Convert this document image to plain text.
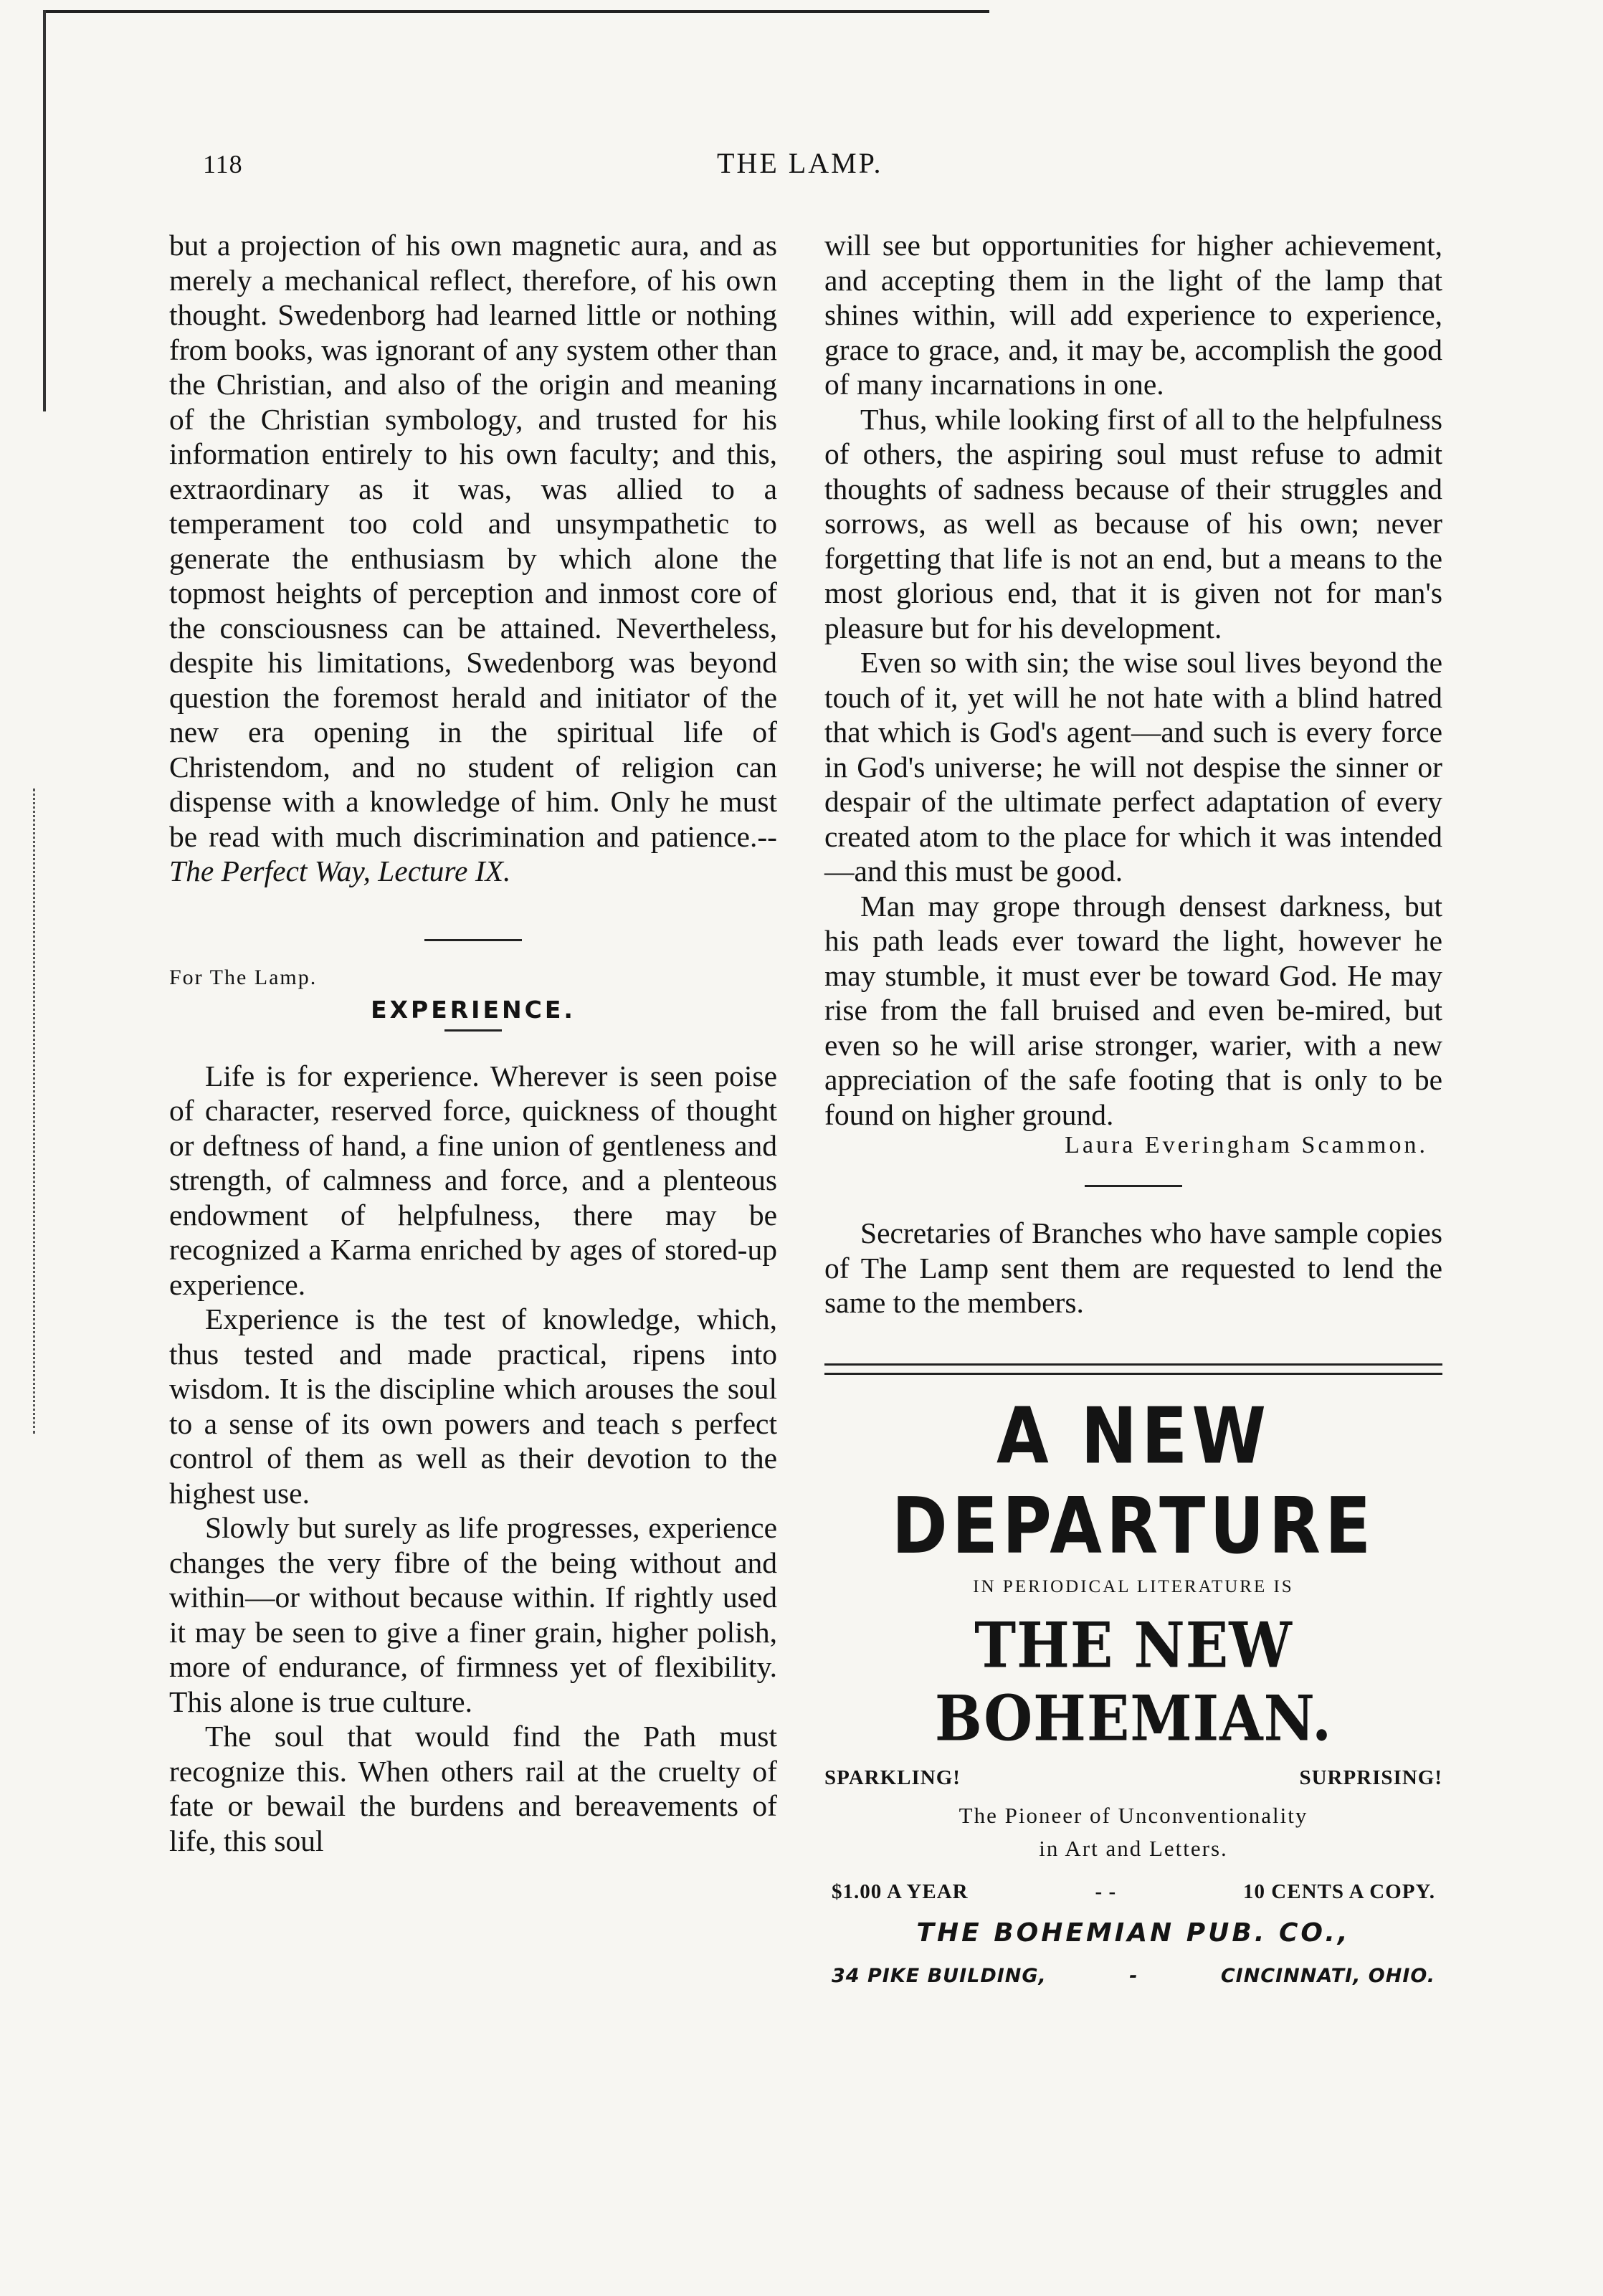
118	THE LAMP.

but a projection of his own magnetic aura, and as merely a mechanical reflect, therefore, of his own thought. Swedenborg had learned little or nothing from books, was ignorant of any system other than the Christian, and also of the origin and meaning of the Christian symbology, and trusted for his information entirely to his own faculty; and this, extraordinary as it was, was allied to a temperament too cold and unsympathetic to generate the enthusiasm by which alone the topmost heights of perception and inmost core of the consciousness can be attained. Nevertheless, despite his limitations, Swedenborg was beyond question the foremost herald and initiator of the new era opening in the spiritual life of Christendom, and no student of religion can dispense with a knowledge of him. Only he must be read with much discrimination and patience.--The Perfect Way, Lecture IX.

For The Lamp.

EXPERIENCE.

Life is for experience. Wherever is seen poise of character, reserved force, quickness of thought or deftness of hand, a fine union of gentleness and strength, of calmness and force, and a plenteous endowment of helpfulness, there may be recognized a Karma enriched by ages of stored-up experience.

Experience is the test of knowledge, which, thus tested and made practical, ripens into wisdom. It is the discipline which arouses the soul to a sense of its own powers and teach s perfect control of them as well as their devotion to the highest use.

Slowly but surely as life progresses, experience changes the very fibre of the being without and within—or without because within. If rightly used it may be seen to give a finer grain, higher polish, more of endurance, of firmness yet of flexibility. This alone is true culture.

The soul that would find the Path must recognize this. When others rail at the cruelty of fate or bewail the burdens and bereavements of life, this soul

will see but opportunities for higher achievement, and accepting them in the light of the lamp that shines within, will add experience to experience, grace to grace, and, it may be, accomplish the good of many incarnations in one.

Thus, while looking first of all to the helpfulness of others, the aspiring soul must refuse to admit thoughts of sadness because of their struggles and sorrows, as well as because of his own; never forgetting that life is not an end, but a means to the most glorious end, that it is given not for man's pleasure but for his development.

Even so with sin; the wise soul lives beyond the touch of it, yet will he not hate with a blind hatred that which is God's agent—and such is every force in God's universe; he will not despise the sinner or despair of the ultimate perfect adaptation of every created atom to the place for which it was intended—and this must be good.

Man may grope through densest darkness, but his path leads ever toward the light, however he may stumble, it must ever be toward God. He may rise from the fall bruised and even be-mired, but even so he will arise stronger, warier, with a new appreciation of the safe footing that is only to be found on higher ground.

Laura Everingham Scammon.

Secretaries of Branches who have sample copies of The Lamp sent them are requested to lend the same to the members.

A NEW DEPARTURE

IN PERIODICAL LITERATURE IS

THE NEW BOHEMIAN.

SPARKLING!	SURPRISING!

The Pioneer of Unconventionality

in Art and Letters.

$1.00 A YEAR	- -	10 CENTS A COPY.

THE BOHEMIAN PUB. CO.,

34 PIKE BUILDING,	-	CINCINNATI, OHIO.
